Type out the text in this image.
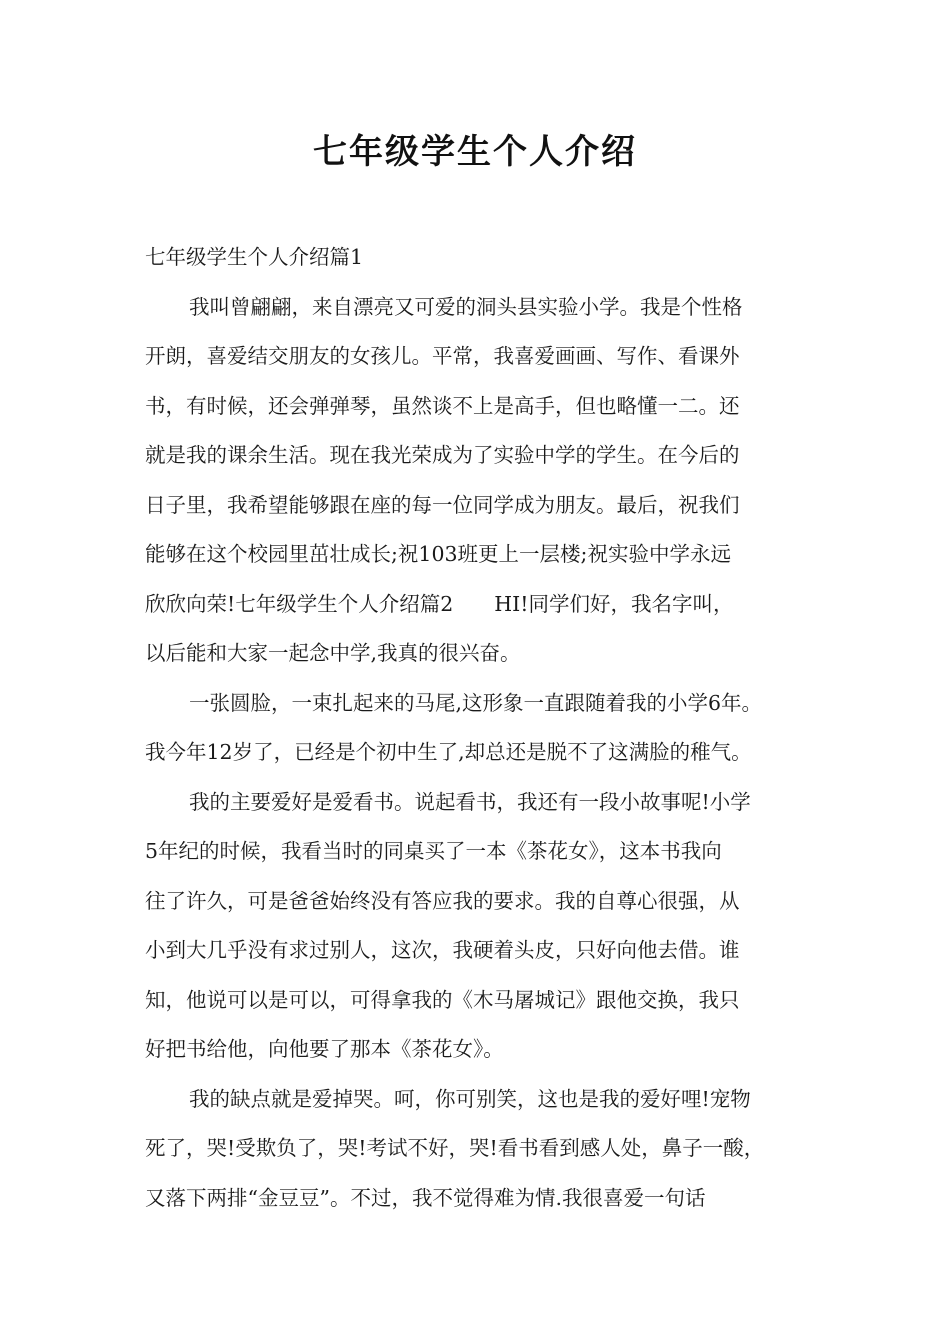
七年级学生个人介绍
七年级学生个人介绍篇1
我叫曾翩翩，来自漂亮又可爱的洞头县实验小学。我是个性格
开朗，喜爱结交朋友的女孩儿。平常，我喜爱画画、写作、看课外
书，有时候，还会弹弹琴，虽然谈不上是高手，但也略懂一二。还
就是我的课余生活。现在我光荣成为了实验中学的学生。在今后的
日子里，我希望能够跟在座的每一位同学成为朋友。最后，祝我们
能够在这个校园里茁壮成长;祝103班更上一层楼;祝实验中学永远
欣欣向荣!七年级学生个人介绍篇2　　HI!同学们好，我名字叫，
以后能和大家一起念中学,我真的很兴奋。
一张圆脸，一束扎起来的马尾,这形象一直跟随着我的小学6年。
我今年12岁了，已经是个初中生了,却总还是脱不了这满脸的稚气。
我的主要爱好是爱看书。说起看书，我还有一段小故事呢!小学
5年纪的时候，我看当时的同桌买了一本《茶花女》，这本书我向
往了许久，可是爸爸始终没有答应我的要求。我的自尊心很强，从
小到大几乎没有求过别人，这次，我硬着头皮，只好向他去借。谁
知，他说可以是可以，可得拿我的《木马屠城记》跟他交换，我只
好把书给他，向他要了那本《茶花女》。
我的缺点就是爱掉哭。呵，你可别笑，这也是我的爱好哩!宠物
死了，哭!受欺负了，哭!考试不好，哭!看书看到感人处，鼻子一酸，
又落下两排“金豆豆”。不过，我不觉得难为情.我很喜爱一句话
